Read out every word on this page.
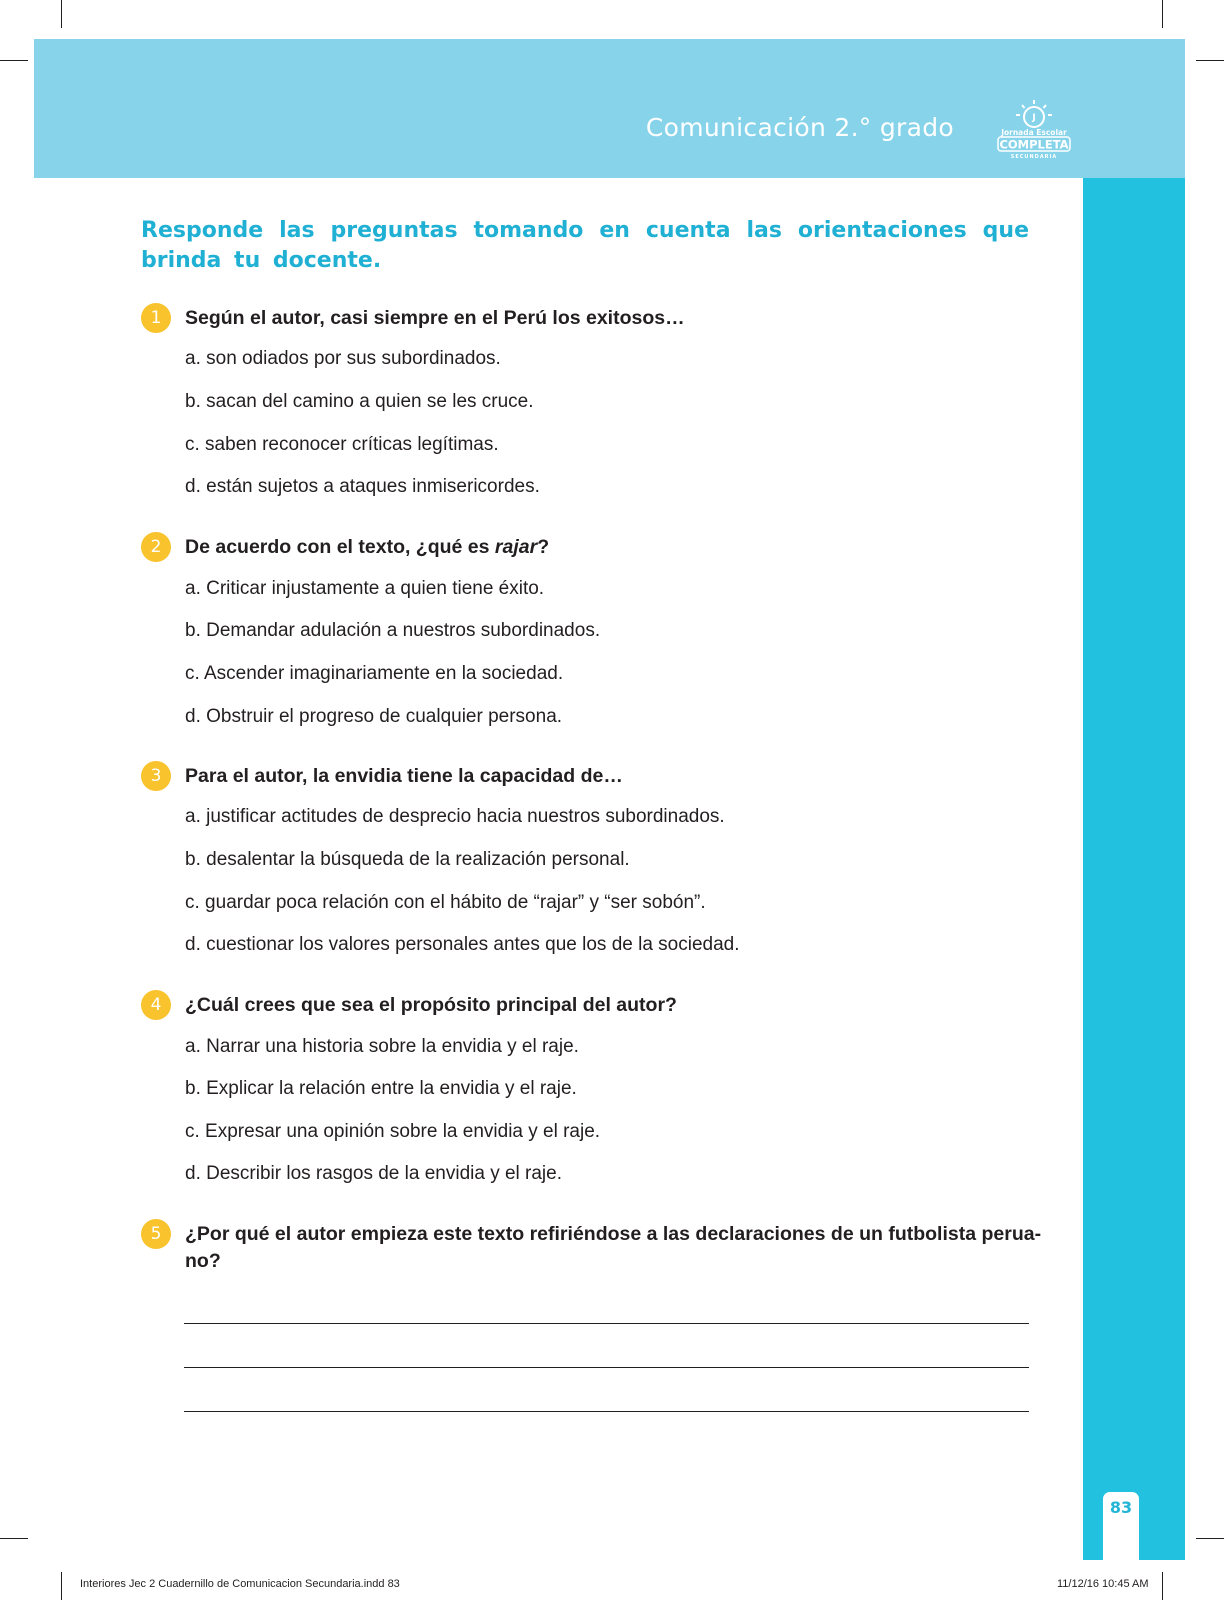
Comunicación 2.° grado	J
Jornada Escolar
COMPLETA
SECUNDARIA
83
Responde las preguntas tomando en cuenta las orientaciones que brinda tu docente.
1	Según el autor, casi siempre en el Perú los exitosos…
a. son odiados por sus subordinados.
b. sacan del camino a quien se les cruce.
c. saben reconocer críticas legítimas.
d. están sujetos a ataques inmisericordes.
2	De acuerdo con el texto, ¿qué es rajar?
a. Criticar injustamente a quien tiene éxito.
b. Demandar adulación a nuestros subordinados.
c. Ascender imaginariamente en la sociedad.
d. Obstruir el progreso de cualquier persona.
3	Para el autor, la envidia tiene la capacidad de…
a. justificar actitudes de desprecio hacia nuestros subordinados.
b. desalentar la búsqueda de la realización personal.
c. guardar poca relación con el hábito de “rajar” y “ser sobón”.
d. cuestionar los valores personales antes que los de la sociedad.
4	¿Cuál crees que sea el propósito principal del autor?
a. Narrar una historia sobre la envidia y el raje.
b. Explicar la relación entre la envidia y el raje.
c. Expresar una opinión sobre la envidia y el raje.
d. Describir los rasgos de la envidia y el raje.
5	¿Por qué el autor empieza este texto refiriéndose a las declaraciones de un futbolista perua-
no?
Interiores Jec 2 Cuadernillo de Comunicacion Secundaria.indd 83	11/12/16 10:45 AM
